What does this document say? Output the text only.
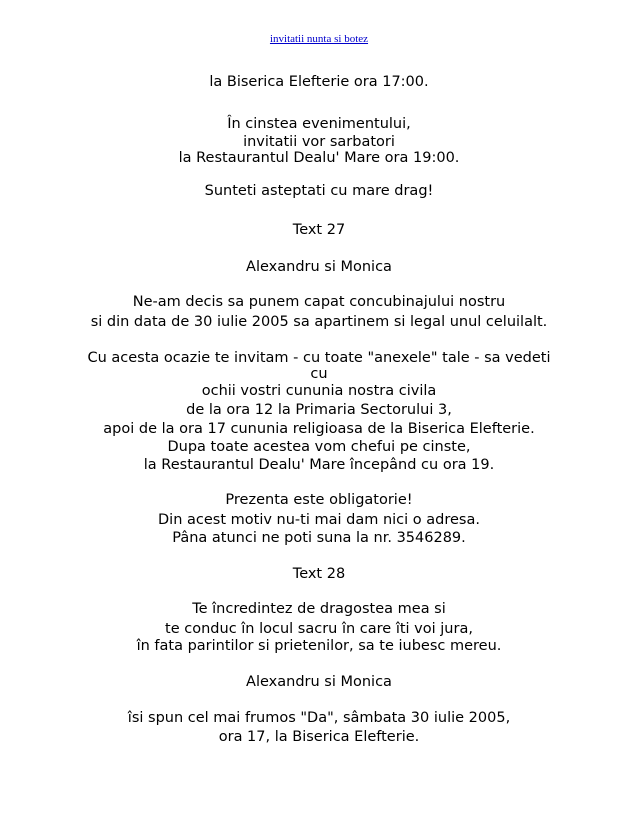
invitatii nunta si botez
la Biserica Elefterie ora 17:00.
În cinstea evenimentului,
invitatii vor sarbatori
la Restaurantul Dealu' Mare ora 19:00.
Sunteti asteptati cu mare drag!
Text 27
Alexandru si Monica
Ne-am decis sa punem capat concubinajului nostru
si din data de 30 iulie 2005 sa apartinem si legal unul celuilalt.
Cu acesta ocazie te invitam - cu toate "anexele" tale - sa vedeti
cu
ochii vostri cununia nostra civila
de la ora 12 la Primaria Sectorului 3,
apoi de la ora 17 cununia religioasa de la Biserica Elefterie.
Dupa toate acestea vom chefui pe cinste,
la Restaurantul Dealu' Mare începând cu ora 19.
Prezenta este obligatorie!
Din acest motiv nu-ti mai dam nici o adresa.
Pâna atunci ne poti suna la nr. 3546289.
Text 28
Te încredintez de dragostea mea si
te conduc în locul sacru în care îti voi jura,
în fata parintilor si prietenilor, sa te iubesc mereu.
Alexandru si Monica
îsi spun cel mai frumos "Da", sâmbata 30 iulie 2005,
ora 17, la Biserica Elefterie.
